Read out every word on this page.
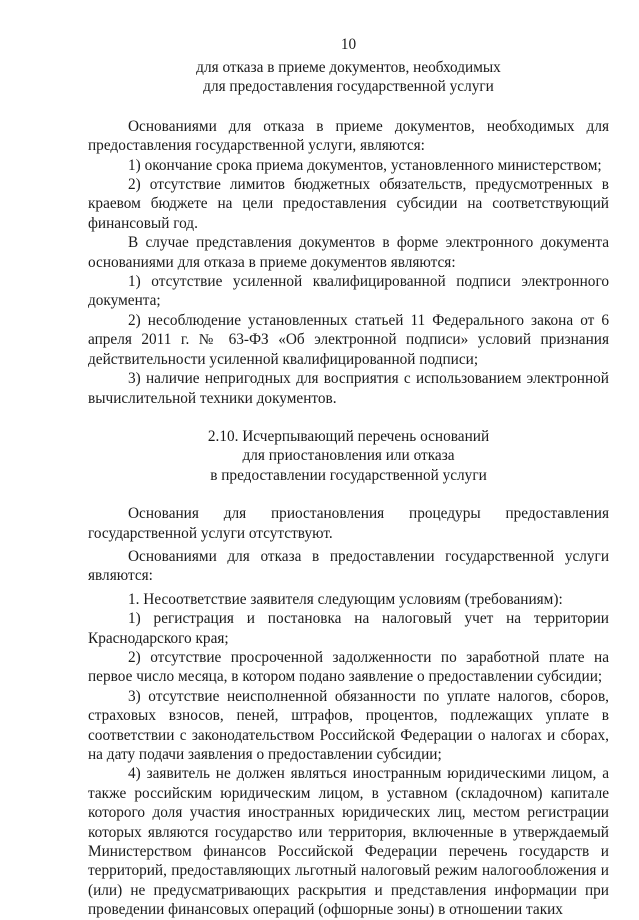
10

для отказа в приеме документов, необходимых

для предоставления государственной услуги

Основаниями для отказа в приеме документов, необходимых для предоставления государственной услуги, являются:

1) окончание срока приема документов, установленного министерством;

2) отсутствие лимитов бюджетных обязательств, предусмотренных в краевом бюджете на цели предоставления субсидии на соответствующий финансовый год.

В случае представления документов в форме электронного документа основаниями для отказа в приеме документов являются:

1) отсутствие усиленной квалифицированной подписи электронного документа;

2) несоблюдение установленных статьей 11 Федерального закона от 6 апреля 2011 г. № 63-ФЗ «Об электронной подписи» условий признания действительности усиленной квалифицированной подписи;

3) наличие непригодных для восприятия с использованием электронной вычислительной техники документов.

2.10. Исчерпывающий перечень оснований

для приостановления или отказа

в предоставлении государственной услуги

Основания для приостановления процедуры предоставления государственной услуги отсутствуют.

Основаниями для отказа в предоставлении государственной услуги являются:

1. Несоответствие заявителя следующим условиям (требованиям):

1) регистрация и постановка на налоговый учет на территории Краснодарского края;

2) отсутствие просроченной задолженности по заработной плате на первое число месяца, в котором подано заявление о предоставлении субсидии;

3) отсутствие неисполненной обязанности по уплате налогов, сборов, страховых взносов, пеней, штрафов, процентов, подлежащих уплате в соответствии с законодательством Российской Федерации о налогах и сборах, на дату подачи заявления о предоставлении субсидии;

4) заявитель не должен являться иностранным юридическими лицом, а также российским юридическим лицом, в уставном (складочном) капитале которого доля участия иностранных юридических лиц, местом регистрации которых являются государство или территория, включенные в утверждаемый Министерством финансов Российской Федерации перечень государств и территорий, предоставляющих льготный налоговый режим налогообложения и (или) не предусматривающих раскрытия и представления информации при проведении финансовых операций (офшорные зоны) в отношении таких
